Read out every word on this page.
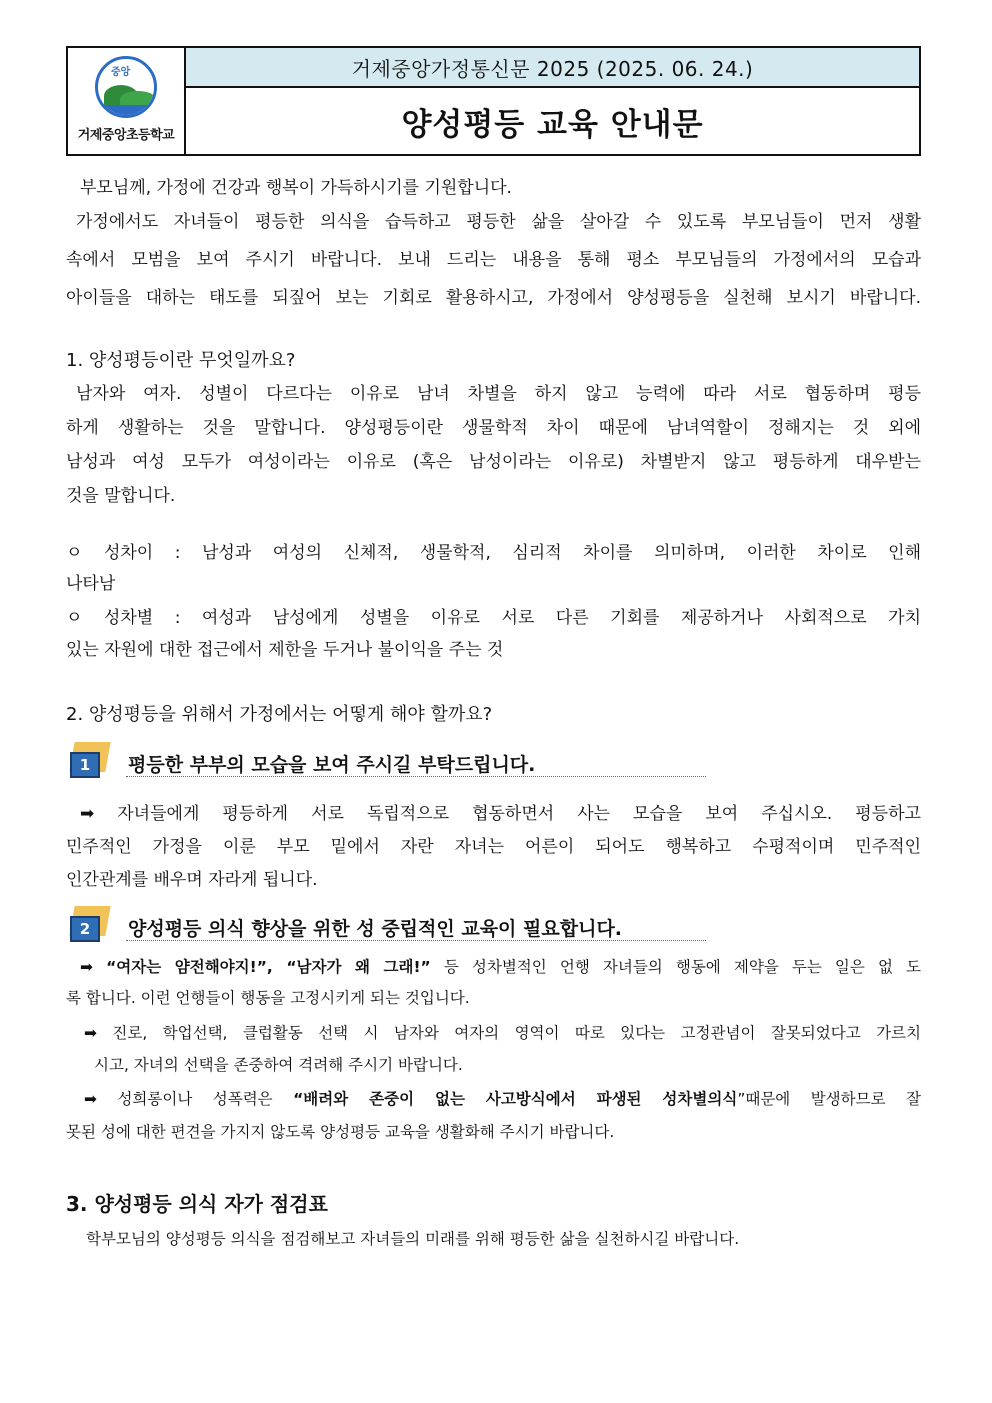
중앙
거제중앙초등학교
거제중앙가정통신문 2025 (2025. 06. 24.)
양성평등 교육 안내문

부모님께, 가정에 건강과 행복이 가득하시기를 기원합니다.

가정에서도 자녀들이 평등한 의식을 습득하고 평등한 삶을 살아갈 수 있도록 부모님들이 먼저 생활

속에서 모범을 보여 주시기 바랍니다. 보내 드리는 내용을 통해 평소 부모님들의 가정에서의 모습과

아이들을 대하는 태도를 되짚어 보는 기회로 활용하시고, 가정에서 양성평등을 실천해 보시기 바랍니다.

1. 양성평등이란 무엇일까요?

남자와 여자. 성별이 다르다는 이유로 남녀 차별을 하지 않고 능력에 따라 서로 협동하며 평등

하게 생활하는 것을 말합니다. 양성평등이란 생물학적 차이 때문에 남녀역할이 정해지는 것 외에

남성과 여성 모두가 여성이라는 이유로 (혹은 남성이라는 이유로) 차별받지 않고 평등하게 대우받는

것을 말합니다.

ㅇ 성차이 : 남성과 여성의 신체적, 생물학적, 심리적 차이를 의미하며, 이러한 차이로 인해

나타남

ㅇ 성차별 : 여성과 남성에게 성별을 이유로 서로 다른 기회를 제공하거나 사회적으로 가치

있는 자원에 대한 접근에서 제한을 두거나 불이익을 주는 것

2. 양성평등을 위해서 가정에서는 어떻게 해야 할까요?

1	평등한 부부의 모습을 보여 주시길 부탁드립니다.

➡ 자녀들에게 평등하게 서로 독립적으로 협동하면서 사는 모습을 보여 주십시오. 평등하고

민주적인 가정을 이룬 부모 밑에서 자란 자녀는 어른이 되어도 행복하고 수평적이며 민주적인

인간관계를 배우며 자라게 됩니다.

2	양성평등 의식 향상을 위한 성 중립적인 교육이 필요합니다.

➡ “여자는 얌전해야지!”, “남자가 왜 그래!” 등 성차별적인 언행 자녀들의 행동에 제약을 두는 일은 없 도

록 합니다. 이런 언행들이 행동을 고정시키게 되는 것입니다.

➡ 진로, 학업선택, 클럽활동 선택 시 남자와 여자의 영역이 따로 있다는 고정관념이 잘못되었다고 가르치

시고, 자녀의 선택을 존중하여 격려해 주시기 바랍니다.

➡ 성희롱이나 성폭력은 “배려와 존중이 없는 사고방식에서 파생된 성차별의식”때문에 발생하므로 잘

못된 성에 대한 편견을 가지지 않도록 양성평등 교육을 생활화해 주시기 바랍니다.

3. 양성평등 의식 자가 점검표

학부모님의 양성평등 의식을 점검해보고 자녀들의 미래를 위해 평등한 삶을 실천하시길 바랍니다.
